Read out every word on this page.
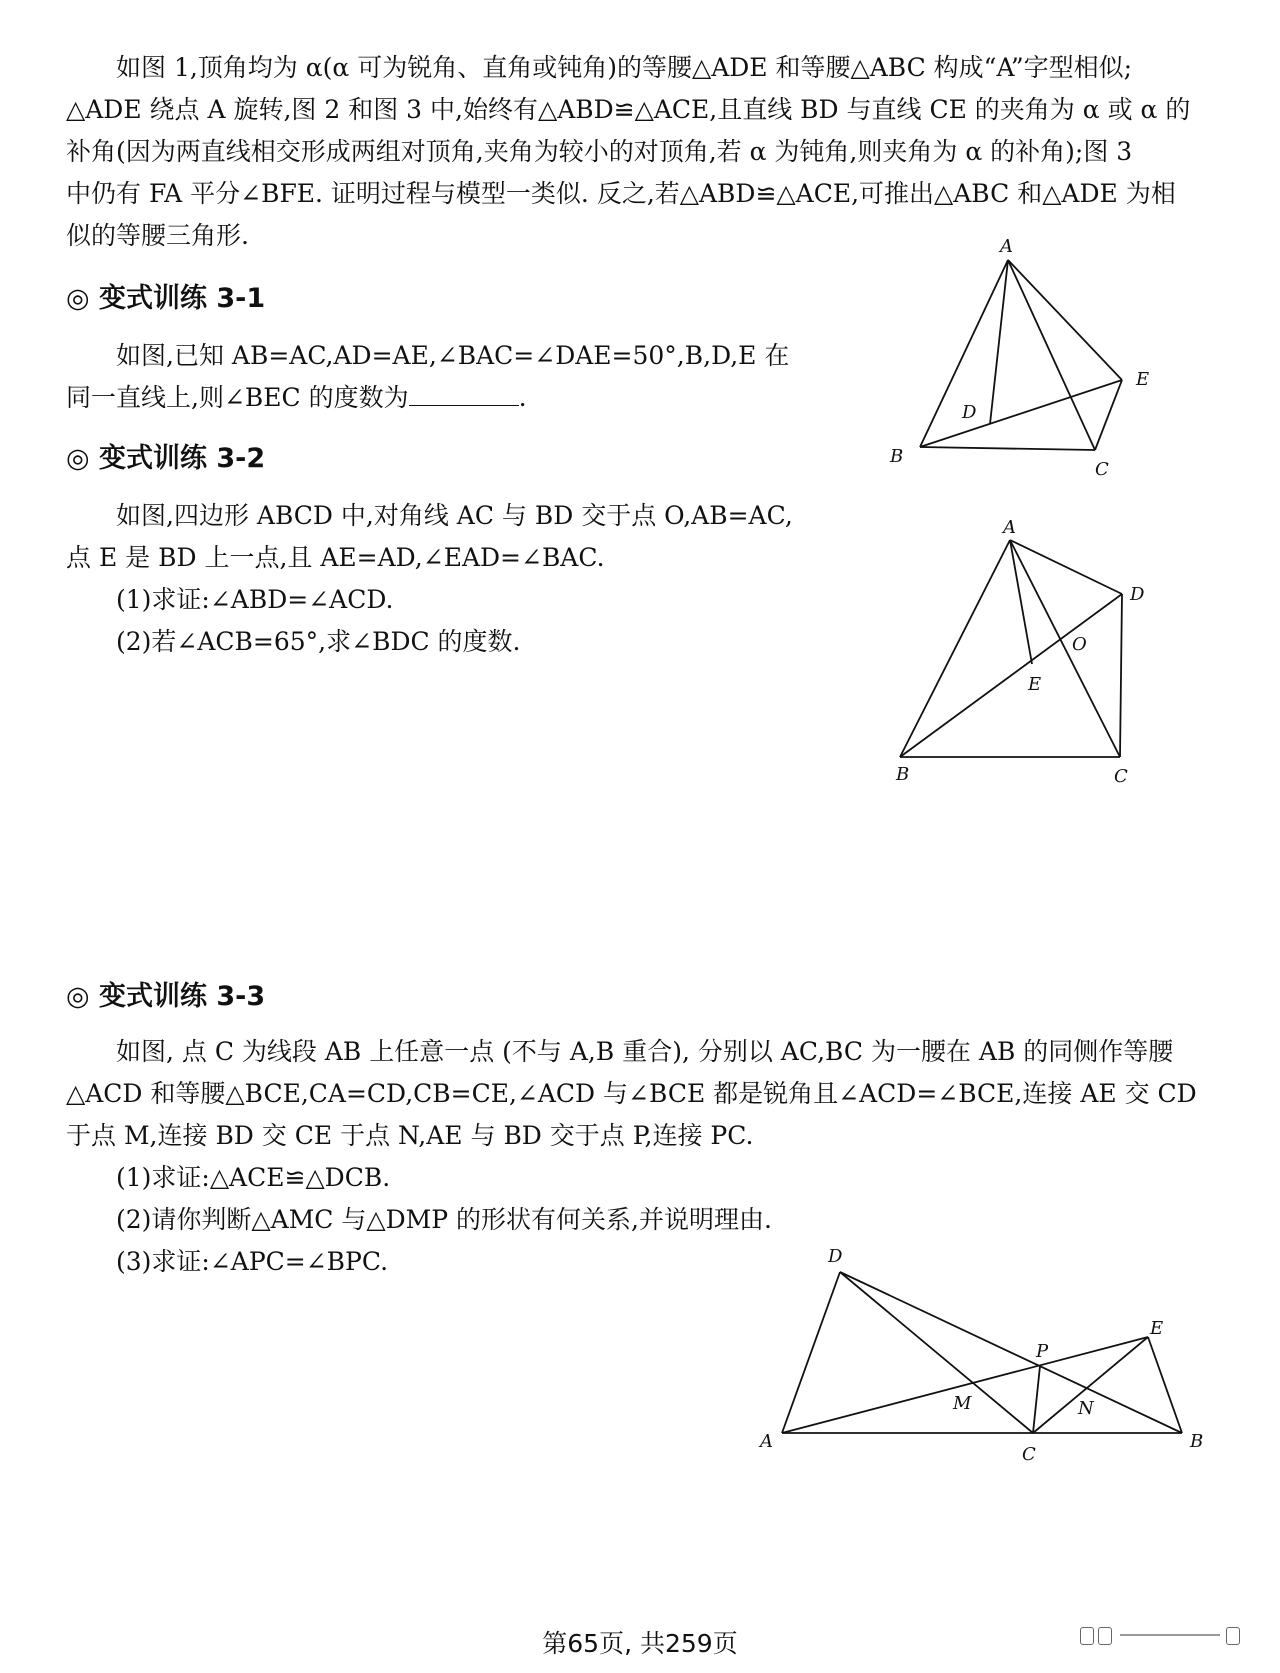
如图 1,顶角均为 α(α 可为锐角、直角或钝角)的等腰△ADE 和等腰△ABC 构成“A”字型相似;
△ADE 绕点 A 旋转,图 2 和图 3 中,始终有△ABD≌△ACE,且直线 BD 与直线 CE 的夹角为 α 或 α 的
补角(因为两直线相交形成两组对顶角,夹角为较小的对顶角,若 α 为钝角,则夹角为 α 的补角);图 3
中仍有 FA 平分∠BFE. 证明过程与模型一类似. 反之,若△ABD≌△ACE,可推出△ABC 和△ADE 为相
似的等腰三角形.
◎ 变式训练 3-1
如图,已知 AB=AC,AD=AE,∠BAC=∠DAE=50°,B,D,E 在
同一直线上,则∠BEC 的度数为	.
A
B
C
D
E
◎ 变式训练 3-2
如图,四边形 ABCD 中,对角线 AC 与 BD 交于点 O,AB=AC,
点 E 是 BD 上一点,且 AE=AD,∠EAD=∠BAC.
(1)求证:∠ABD=∠ACD.
(2)若∠ACB=65°,求∠BDC 的度数.
A
B	C
D
E
O
◎ 变式训练 3-3
如图, 点 C 为线段 AB 上任意一点 (不与 A,B 重合), 分别以 AC,BC 为一腰在 AB 的同侧作等腰
△ACD 和等腰△BCE,CA=CD,CB=CE,∠ACD 与∠BCE 都是锐角且∠ACD=∠BCE,连接 AE 交 CD
于点 M,连接 BD 交 CE 于点 N,AE 与 BD 交于点 P,连接 PC.
(1)求证:△ACE≌△DCB.
(2)请你判断△AMC 与△DMP 的形状有何关系,并说明理由.
(3)求证:∠APC=∠BPC.
A	B
C
D
E
M	N
P
第65页, 共259页
